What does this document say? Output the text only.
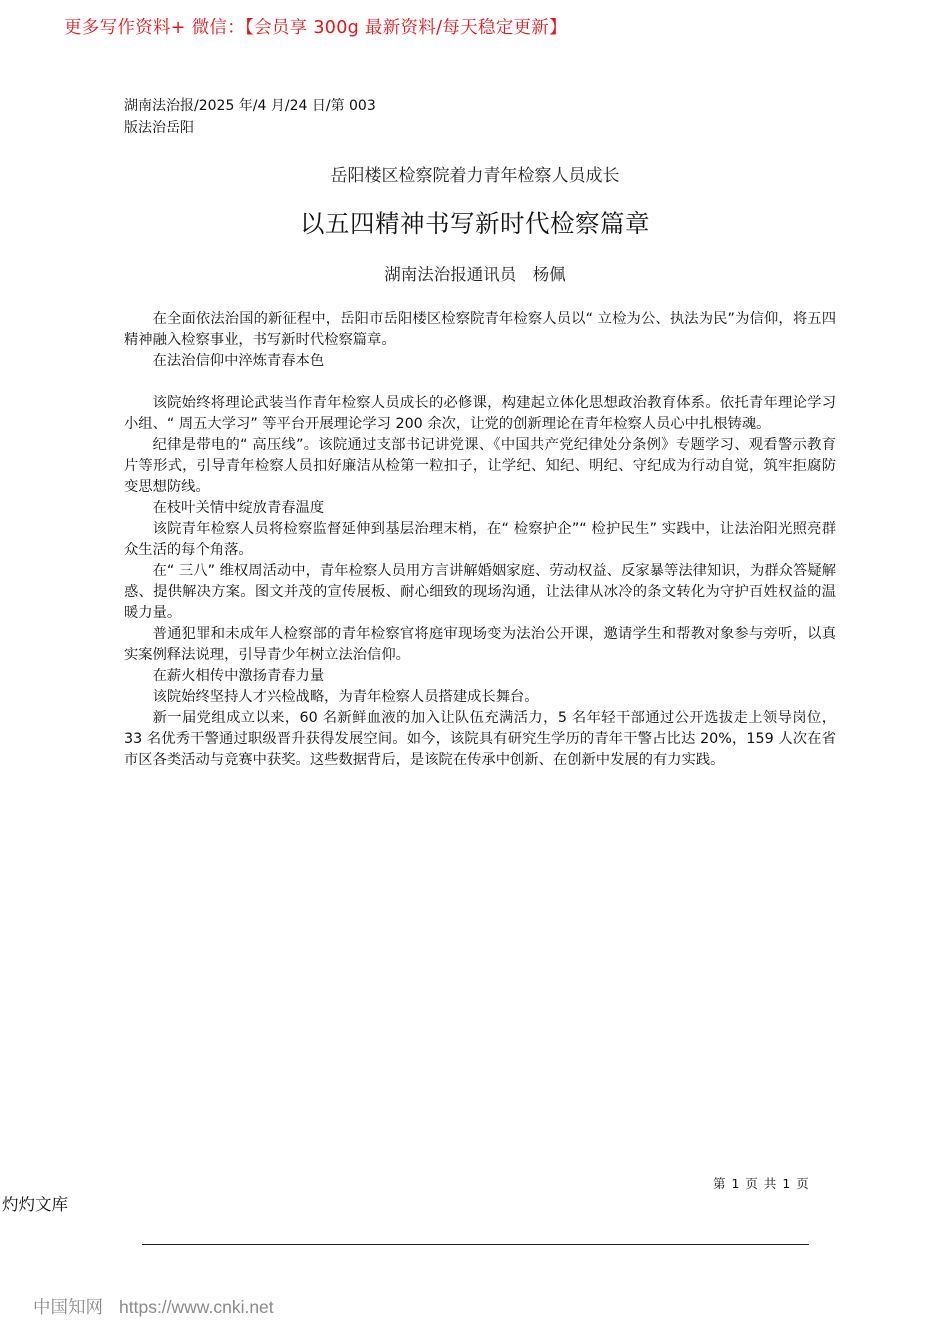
更多写作资料+ 微信：【会员享 300g 最新资料/每天稳定更新】
湖南法治报/2025 年/4 月/24 日/第 003
版法治岳阳
岳阳楼区检察院着力青年检察人员成长
以五四精神书写新时代检察篇章
湖南法治报通讯员　杨佩

在全面依法治国的新征程中，岳阳市岳阳楼区检察院青年检察人员以“ 立检为公、执法为民”为信仰，将五四精神融入检察事业，书写新时代检察篇章。

在法治信仰中淬炼青春本色

该院始终将理论武装当作青年检察人员成长的必修课，构建起立体化思想政治教育体系。依托青年理论学习小组、“ 周五大学习” 等平台开展理论学习 200 余次，让党的创新理论在青年检察人员心中扎根铸魂。

纪律是带电的“ 高压线”。该院通过支部书记讲党课、《中国共产党纪律处分条例》专题学习、观看警示教育片等形式，引导青年检察人员扣好廉洁从检第一粒扣子，让学纪、知纪、明纪、守纪成为行动自觉，筑牢拒腐防变思想防线。

在枝叶关情中绽放青春温度

该院青年检察人员将检察监督延伸到基层治理末梢，在“ 检察护企”“ 检护民生” 实践中，让法治阳光照亮群众生活的每个角落。

在“ 三八” 维权周活动中，青年检察人员用方言讲解婚姻家庭、劳动权益、反家暴等法律知识，为群众答疑解惑、提供解决方案。图文并茂的宣传展板、耐心细致的现场沟通，让法律从冰冷的条文转化为守护百姓权益的温暖力量。

普通犯罪和未成年人检察部的青年检察官将庭审现场变为法治公开课，邀请学生和帮教对象参与旁听，以真实案例释法说理，引导青少年树立法治信仰。

在薪火相传中激扬青春力量

该院始终坚持人才兴检战略，为青年检察人员搭建成长舞台。

新一届党组成立以来，60 名新鲜血液的加入让队伍充满活力，5 名年轻干部通过公开选拔走上领导岗位，33 名优秀干警通过职级晋升获得发展空间。如今，该院具有研究生学历的青年干警占比达 20%，159 人次在省市区各类活动与竞赛中获奖。这些数据背后，是该院在传承中创新、在创新中发展的有力实践。

第 1 页 共 1 页
灼灼文库
中国知网 https://www.cnki.net
